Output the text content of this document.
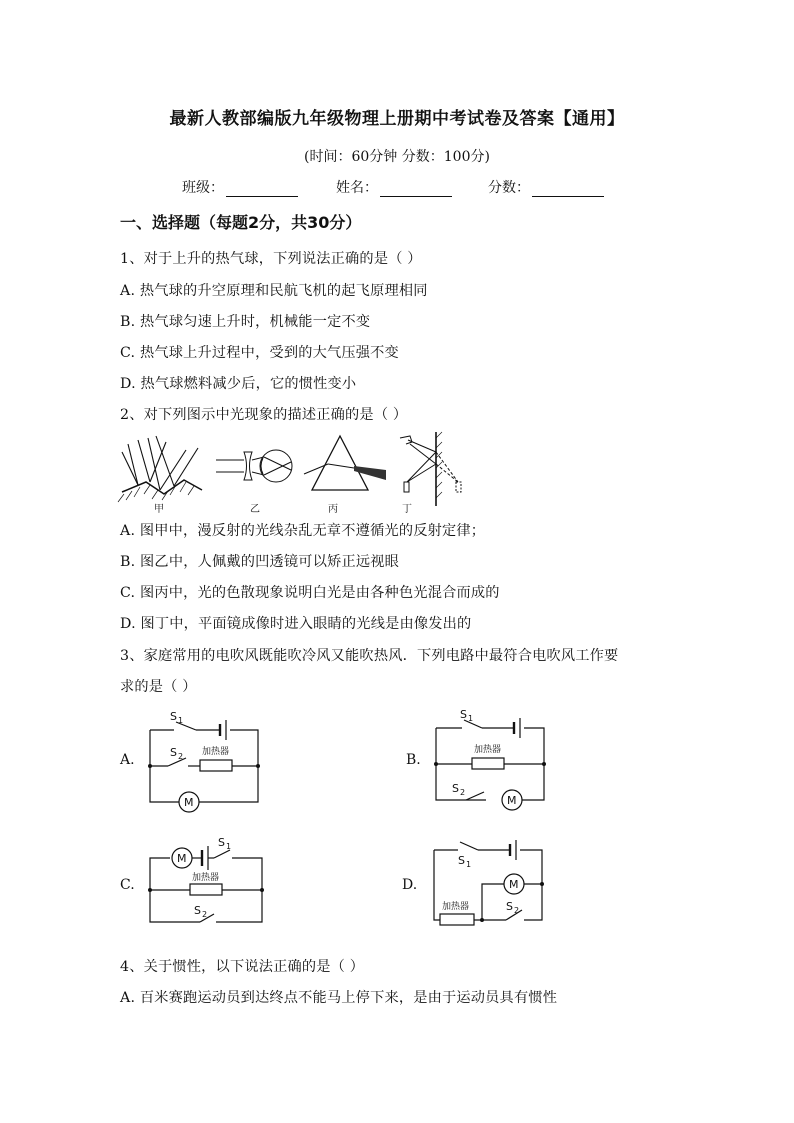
最新人教部编版九年级物理上册期中考试卷及答案【通用】
(时间：60分钟 分数：100分)
班级：	姓名：	分数：
一、选择题（每题2分，共30分）
1、对于上升的热气球，下列说法正确的是（ ）
A. 热气球的升空原理和民航飞机的起飞原理相同
B. 热气球匀速上升时，机械能一定不变
C. 热气球上升过程中，受到的大气压强不变
D. 热气球燃料减少后，它的惯性变小
2、对下列图示中光现象的描述正确的是（ ）
甲	乙	丙	丁
A. 图甲中，漫反射的光线杂乱无章不遵循光的反射定律；
B. 图乙中，人佩戴的凹透镜可以矫正远视眼
C. 图丙中，光的色散现象说明白光是由各种色光混合而成的
D. 图丁中，平面镜成像时进入眼睛的光线是由像发出的
3、家庭常用的电吹风既能吹冷风又能吹热风．下列电路中最符合电吹风工作要
求的是（ ）
A.	B.
C.	D.
S 1
S 2 加热器
M
S 1
S 2
加热器
M
M
S 1
加热器
S 2
S 1
M
加热器	S 2
4、关于惯性，以下说法正确的是（ ）
A. 百米赛跑运动员到达终点不能马上停下来，是由于运动员具有惯性
